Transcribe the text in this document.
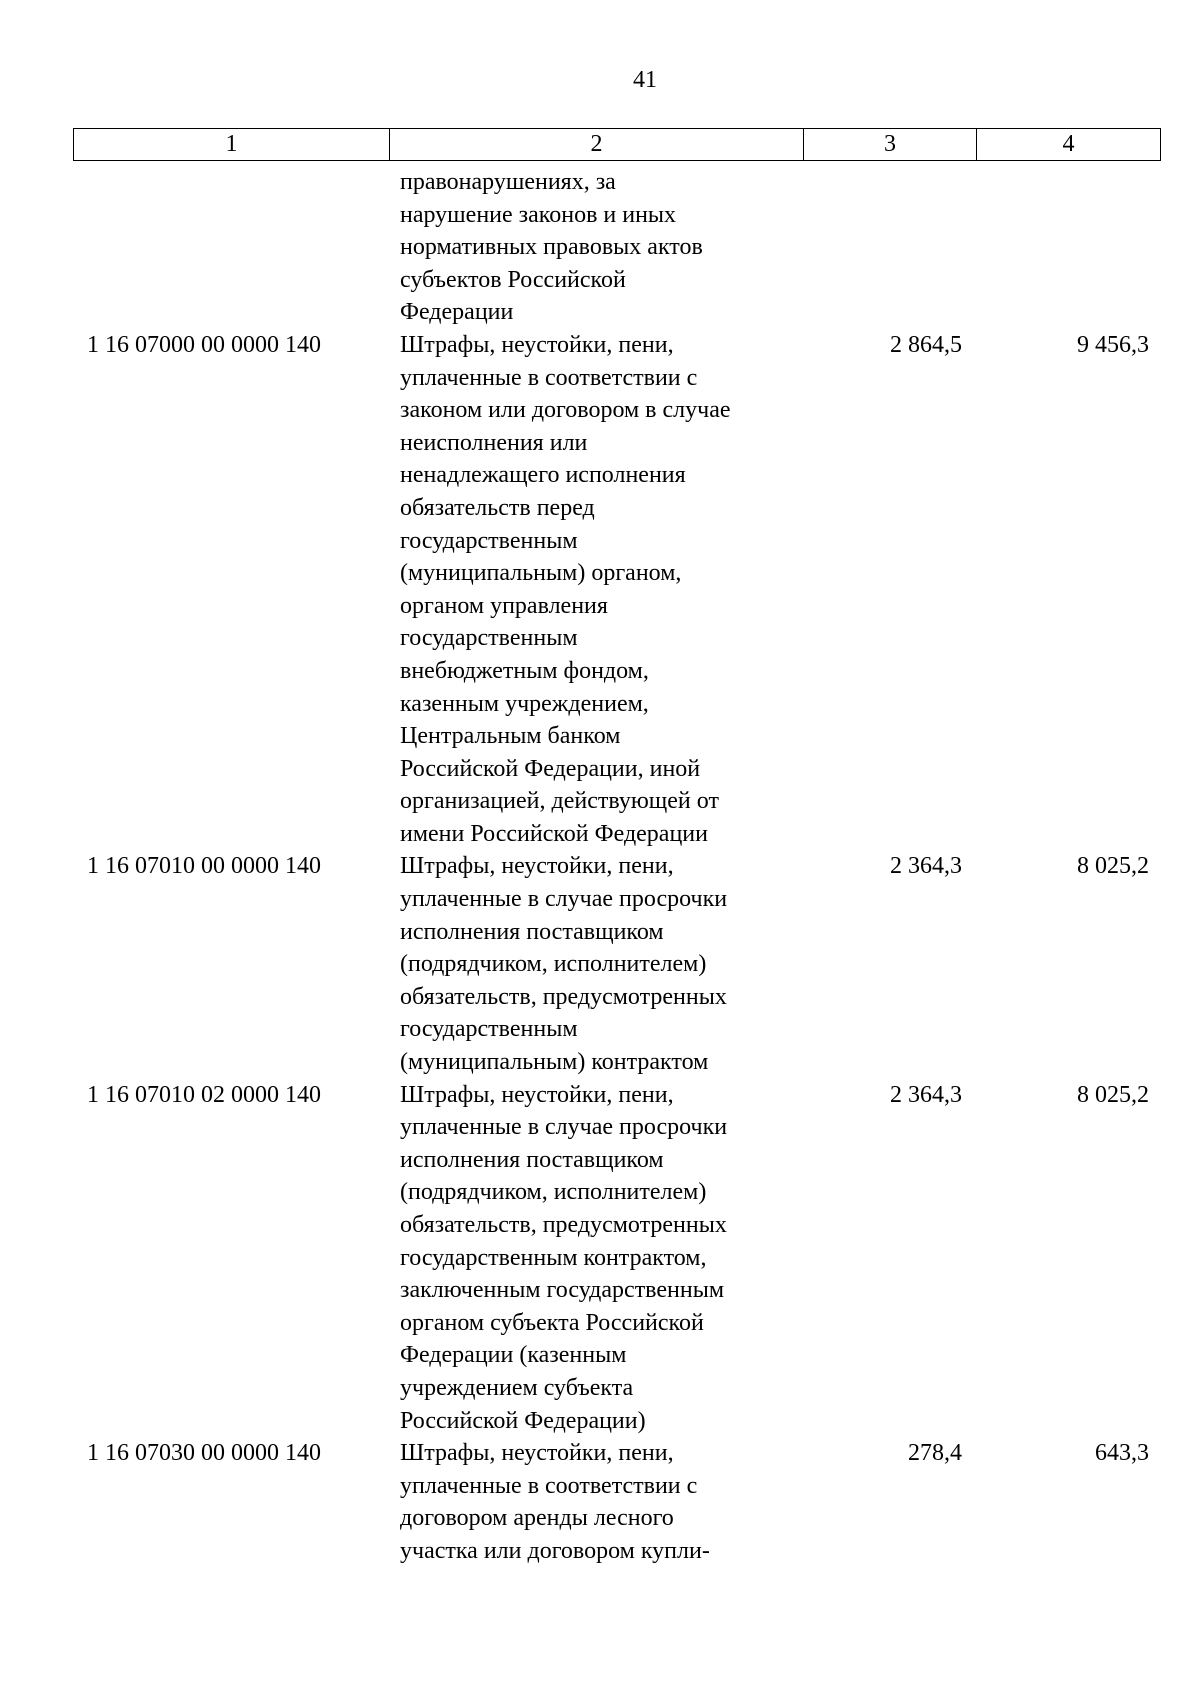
41
1	2	3	4
правонарушениях, за
нарушение законов и иных
нормативных правовых актов
субъектов Российской
Федерации
1 16 07000 00 0000 140	Штрафы, неустойки, пени,
уплаченные в соответствии с
законом или договором в случае
неисполнения или
ненадлежащего исполнения
обязательств перед
государственным
(муниципальным) органом,
органом управления
государственным
внебюджетным фондом,
казенным учреждением,
Центральным банком
Российской Федерации, иной
организацией, действующей от
имени Российской Федерации
2 864,5	9 456,3
1 16 07010 00 0000 140	Штрафы, неустойки, пени,
уплаченные в случае просрочки
исполнения поставщиком
(подрядчиком, исполнителем)
обязательств, предусмотренных
государственным
(муниципальным) контрактом
2 364,3	8 025,2
1 16 07010 02 0000 140	Штрафы, неустойки, пени,
уплаченные в случае просрочки
исполнения поставщиком
(подрядчиком, исполнителем)
обязательств, предусмотренных
государственным контрактом,
заключенным государственным
органом субъекта Российской
Федерации (казенным
учреждением субъекта
Российской Федерации)
2 364,3	8 025,2
1 16 07030 00 0000 140	Штрафы, неустойки, пени,
уплаченные в соответствии с
договором аренды лесного
участка или договором купли-
278,4	643,3
